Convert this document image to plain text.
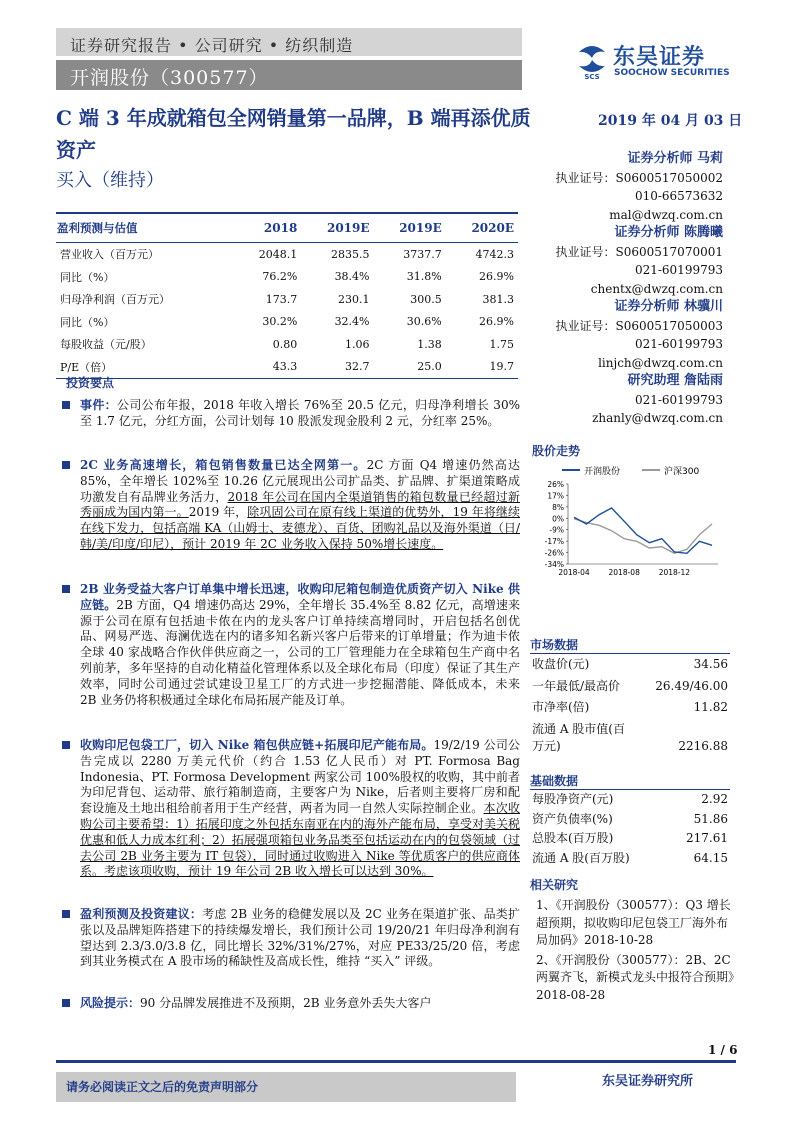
证券研究报告 • 公司研究 • 纺织制造
开润股份（300577）	SCS
东吴证券
SOOCHOW SECURITIES
C 端 3 年成就箱包全网销量第一品牌，B 端再添优质资产
买入（维持）
2019 年 04 月 03 日
证券分析师 马莉
执业证号：S0600517050002
010-66573632
mal@dwzq.com.cn
证券分析师 陈腾曦
执业证号：S0600517070001
021-60199793
chentx@dwzq.com.cn
证券分析师 林骥川
执业证号：S0600517050003
021-60199793
linjch@dwzq.com.cn
研究助理 詹陆雨
021-60199793
zhanly@dwzq.com.cn
盈利预测与估值	2018	2019E	2019E	2020E
营业收入（百万元）	2048.1	2835.5	3737.7	4742.3
同比（%）	76.2%	38.4%	31.8%	26.9%
归母净利润（百万元）	173.7	230.1	300.5	381.3
同比（%）	30.2%	32.4%	30.6%	26.9%
每股收益（元/股）	0.80	1.06	1.38	1.75
P/E（倍）	43.3	32.7	25.0	19.7
投资要点
事件：公司公布年报，2018 年收入增长 76%至 20.5 亿元，归母净利增长 30%至 1.7 亿元，分红方面，公司计划每 10 股派发现金股利 2 元，分红率 25%。
2C 业务高速增长，箱包销售数量已达全网第一。2C 方面 Q4 增速仍然高达 85%，全年增长 102%至 10.26 亿元展现出公司扩品类、扩品牌、扩渠道策略成功激发自有品牌业务活力，2018 年公司在国内全渠道销售的箱包数量已经超过新秀丽成为国内第一。2019 年，除巩固公司在原有线上渠道的优势外，19 年将继续在线下发力，包括高端 KA（山姆士、麦德龙）、百货、团购礼品以及海外渠道（日/韩/美/印度/印尼），预计 2019 年 2C 业务收入保持 50%增长速度。
2B 业务受益大客户订单集中增长迅速，收购印尼箱包制造优质资产切入 Nike 供应链。2B 方面，Q4 增速仍高达 29%，全年增长 35.4%至 8.82 亿元，高增速来源于公司在原有包括迪卡侬在内的龙头客户订单持续高增同时，开启包括名创优品、网易严选、海澜优选在内的诸多知名新兴客户后带来的订单增量；作为迪卡侬全球 40 家战略合作伙伴供应商之一，公司的工厂管理能力在全球箱包生产商中名列前茅，多年坚持的自动化精益化管理体系以及全球化布局（印度）保证了其生产效率，同时公司通过尝试建设卫星工厂的方式进一步挖掘潜能、降低成本，未来 2B 业务仍将积极通过全球化布局拓展产能及订单。
收购印尼包袋工厂，切入 Nike 箱包供应链+拓展印尼产能布局。19/2/19 公司公告完成以 2280 万美元代价（约合 1.53 亿人民币）对 PT. Formosa Bag Indonesia、PT. Formosa Development 两家公司 100%股权的收购，其中前者为印尼背包、运动带、旅行箱制造商，主要客户为 Nike，后者则主要将厂房和配套设施及土地出租给前者用于生产经营，两者为同一自然人实际控制企业。本次收购公司主要希望：1）拓展印度之外包括东南亚在内的海外产能布局，享受对美关税优惠和低人力成本红利；2）拓展强项箱包业务品类至包括运动在内的包袋领域（过去公司 2B 业务主要为 IT 包袋），同时通过收购进入 Nike 等优质客户的供应商体系。考虑该项收购，预计 19 年公司 2B 收入增长可以达到 30%。
盈利预测及投资建议：考虑 2B 业务的稳健发展以及 2C 业务在渠道扩张、品类扩张以及品牌矩阵搭建下的持续爆发增长，我们预计公司 19/20/21 年归母净利润有望达到 2.3/3.0/3.8 亿，同比增长 32%/31%/27%，对应 PE33/25/20 倍，考虑到其业务模式在 A 股市场的稀缺性及高成长性，维持 “买入” 评级。
风险提示：90 分品牌发展推进不及预期，2B 业务意外丢失大客户
股价走势
开润股份	沪深300
26%
17%
8%
0%
-9%
-17%
-26%
-34%
2018-04	2018-08	2018-12
市场数据
收盘价(元)	34.56
一年最低/最高价	26.49/46.00
市净率(倍)	11.82
流通 A 股市值(百万元)	2216.88
基础数据
每股净资产(元)	2.92
资产负债率(%)	51.86
总股本(百万股)	217.61
流通 A 股(百万股)	64.15
相关研究

1、《开润股份（300577）：Q3 增长超预期，拟收购印尼包袋工厂海外布局加码》2018-10-28

2、《开润股份（300577）：2B、2C 两翼齐飞，新模式龙头中报符合预期》2018-08-28

1 / 6
请务必阅读正文之后的免责声明部分	东吴证券研究所
